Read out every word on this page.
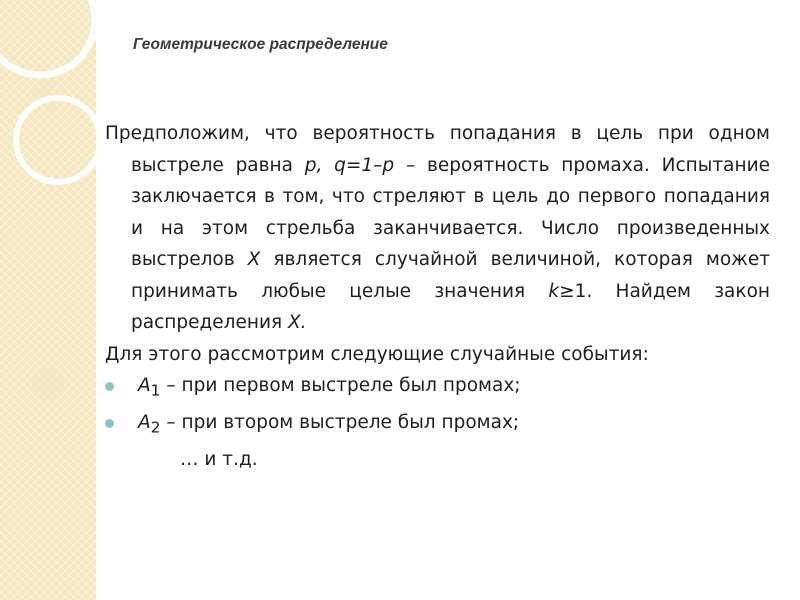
Геометрическое распределение

Предположим, что вероятность попадания в цель при одном выстреле равна p, q=1–p – вероятность промаха. Испытание заключается в том, что стреляют в цель до первого попадания и на этом стрельба заканчивается. Число произведенных выстрелов X является случайной величиной, которая может принимать любые целые значения k≥1. Найдем закон распределения X.

Для этого рассмотрим следующие случайные события:

$A_1$ – при первом выстреле был промах;
$A_2$ – при втором выстреле был промах;
… и т.д.
